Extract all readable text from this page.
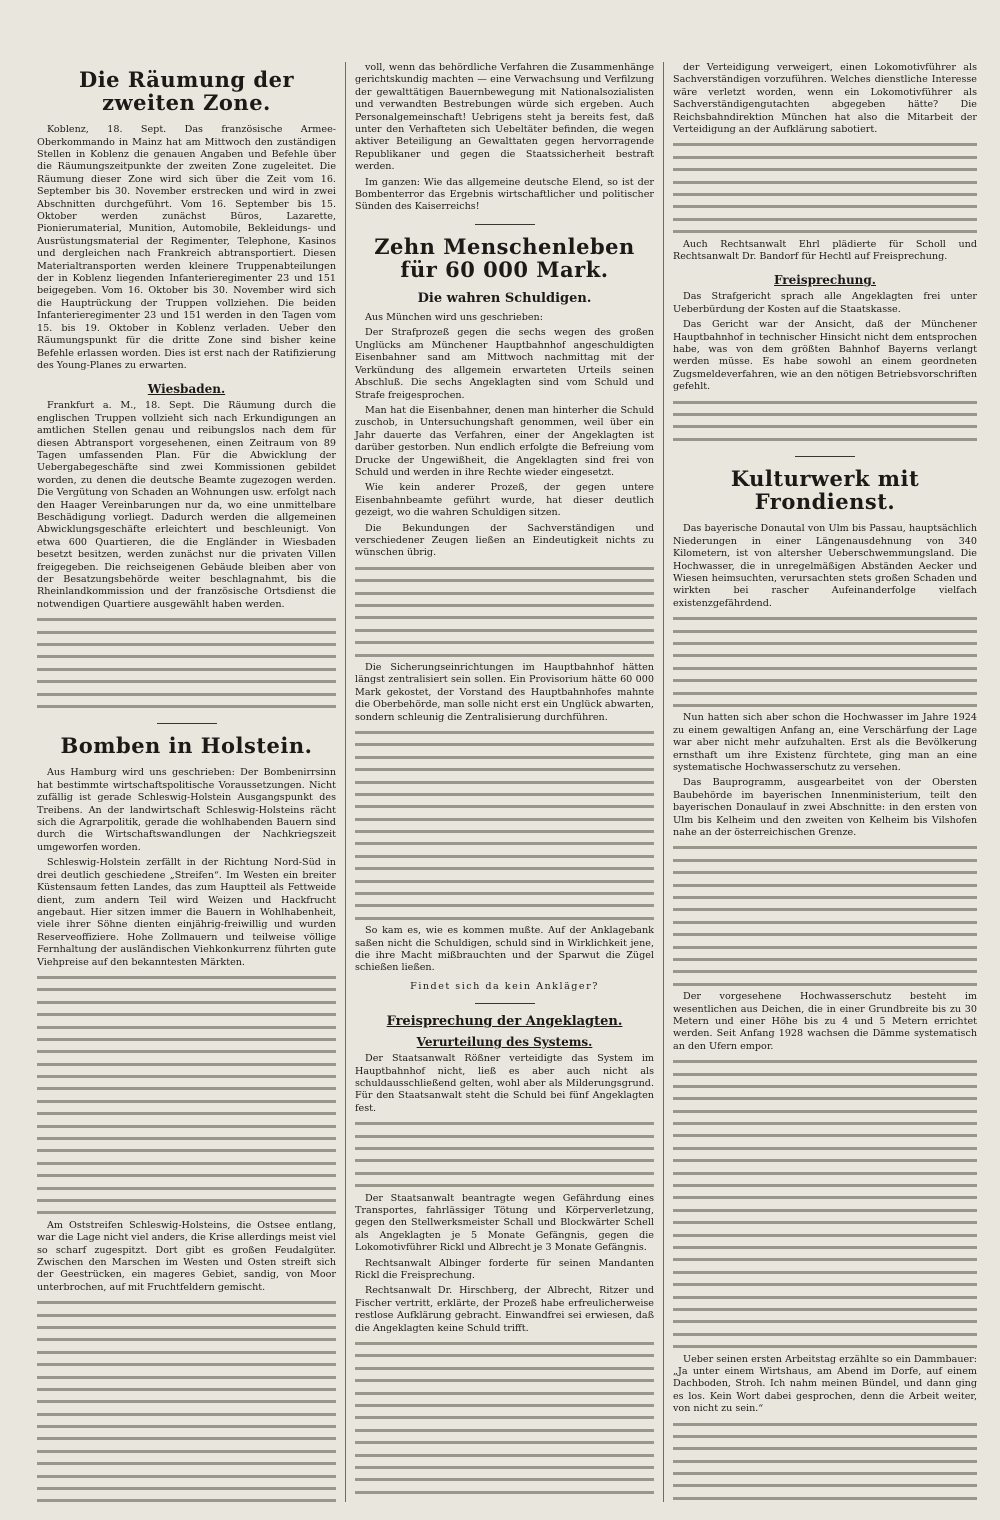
Die Räumung der zweiten Zone.

Koblenz, 18. Sept. Das französische Armee-Oberkommando in Mainz hat am Mittwoch den zuständigen Stellen in Koblenz die genauen Angaben und Befehle über die Räumungszeitpunkte der zweiten Zone zugeleitet. Die Räumung dieser Zone wird sich über die Zeit vom 16. September bis 30. November erstrecken und wird in zwei Abschnitten durchgeführt. Vom 16. September bis 15. Oktober werden zunächst Büros, Lazarette, Pionierumaterial, Munition, Automobile, Bekleidungs- und Ausrüstungsmaterial der Regimenter, Telephone, Kasinos und dergleichen nach Frankreich abtransportiert. Diesen Materialtransporten werden kleinere Truppenabteilungen der in Koblenz liegenden Infanterieregimenter 23 und 151 beigegeben. Vom 16. Oktober bis 30. November wird sich die Hauptrückung der Truppen vollziehen. Die beiden Infanterieregimenter 23 und 151 werden in den Tagen vom 15. bis 19. Oktober in Koblenz verladen. Ueber den Räumungspunkt für die dritte Zone sind bisher keine Befehle erlassen worden. Dies ist erst nach der Ratifizierung des Young-Planes zu erwarten.

Wiesbaden.

Frankfurt a. M., 18. Sept. Die Räumung durch die englischen Truppen vollzieht sich nach Erkundigungen an amtlichen Stellen genau und reibungslos nach dem für diesen Abtransport vorgesehenen, einen Zeitraum von 89 Tagen umfassenden Plan. Für die Abwicklung der Uebergabegeschäfte sind zwei Kommissionen gebildet worden, zu denen die deutsche Beamte zugezogen werden. Die Vergütung von Schaden an Wohnungen usw. erfolgt nach den Haager Vereinbarungen nur da, wo eine unmittelbare Beschädigung vorliegt. Dadurch werden die allgemeinen Abwicklungsgeschäfte erleichtert und beschleunigt. Von etwa 600 Quartieren, die die Engländer in Wiesbaden besetzt besitzen, werden zunächst nur die privaten Villen freigegeben. Die reichseigenen Gebäude bleiben aber von der Besatzungsbehörde weiter beschlagnahmt, bis die Rheinlandkommission und der französische Ortsdienst die notwendigen Quartiere ausgewählt haben werden.

Bomben in Holstein.

Aus Hamburg wird uns geschrieben: Der Bombenirrsinn hat bestimmte wirtschaftspolitische Voraussetzungen. Nicht zufällig ist gerade Schleswig-Holstein Ausgangspunkt des Treibens. An der landwirtschaft Schleswig-Holsteins rächt sich die Agrarpolitik, gerade die wohlhabenden Bauern sind durch die Wirtschaftswandlungen der Nachkriegszeit umgeworfen worden.

Schleswig-Holstein zerfällt in der Richtung Nord-Süd in drei deutlich geschiedene „Streifen“. Im Westen ein breiter Küstensaum fetten Landes, das zum Hauptteil als Fettweide dient, zum andern Teil wird Weizen und Hackfrucht angebaut. Hier sitzen immer die Bauern in Wohlhabenheit, viele ihrer Söhne dienten einjährig-freiwillig und wurden Reserveoffiziere. Hohe Zollmauern und teilweise völlige Fernhaltung der ausländischen Viehkonkurrenz führten gute Viehpreise auf den bekanntesten Märkten.

Am Oststreifen Schleswig-Holsteins, die Ostsee entlang, war die Lage nicht viel anders, die Krise allerdings meist viel so scharf zugespitzt. Dort gibt es großen Feudalgüter. Zwischen den Marschen im Westen und Osten streift sich der Geestrücken, ein mageres Gebiet, sandig, von Moor unterbrochen, auf mit Fruchtfeldern gemischt.

voll, wenn das behördliche Verfahren die Zusammenhänge gerichtskundig machten — eine Verwachsung und Verfilzung der gewalttätigen Bauernbewegung mit Nationalsozialisten und verwandten Bestrebungen würde sich ergeben. Auch Personalgemeinschaft! Uebrigens steht ja bereits fest, daß unter den Verhafteten sich Uebeltäter befinden, die wegen aktiver Beteiligung an Gewalttaten gegen hervorragende Republikaner und gegen die Staatssicherheit bestraft werden.

Im ganzen: Wie das allgemeine deutsche Elend, so ist der Bombenterror das Ergebnis wirtschaftlicher und politischer Sünden des Kaiserreichs!

Zehn Menschenleben für 60 000 Mark.
Die wahren Schuldigen.

Aus München wird uns geschrieben:

Der Strafprozeß gegen die sechs wegen des großen Unglücks am Münchener Hauptbahnhof angeschuldigten Eisenbahner sand am Mittwoch nachmittag mit der Verkündung des allgemein erwarteten Urteils seinen Abschluß. Die sechs Angeklagten sind vom Schuld und Strafe freigesprochen.

Man hat die Eisenbahner, denen man hinterher die Schuld zuschob, in Untersuchungshaft genommen, weil über ein Jahr dauerte das Verfahren, einer der Angeklagten ist darüber gestorben. Nun endlich erfolgte die Befreiung vom Drucke der Ungewißheit, die Angeklagten sind frei von Schuld und werden in ihre Rechte wieder eingesetzt.

Wie kein anderer Prozeß, der gegen untere Eisenbahnbeamte geführt wurde, hat dieser deutlich gezeigt, wo die wahren Schuldigen sitzen.

Die Bekundungen der Sachverständigen und verschiedener Zeugen ließen an Eindeutigkeit nichts zu wünschen übrig.

Die Sicherungseinrichtungen im Hauptbahnhof hätten längst zentralisiert sein sollen. Ein Provisorium hätte 60 000 Mark gekostet, der Vorstand des Hauptbahnhofes mahnte die Oberbehörde, man solle nicht erst ein Unglück abwarten, sondern schleunig die Zentralisierung durchführen.

So kam es, wie es kommen mußte. Auf der Anklagebank saßen nicht die Schuldigen, schuld sind in Wirklichkeit jene, die ihre Macht mißbrauchten und der Sparwut die Zügel schießen ließen.

Findet sich da kein Ankläger?

Freisprechung der Angeklagten.
Verurteilung des Systems.

Der Staatsanwalt Rößner verteidigte das System im Hauptbahnhof nicht, ließ es aber auch nicht als schuldausschließend gelten, wohl aber als Milderungsgrund. Für den Staatsanwalt steht die Schuld bei fünf Angeklagten fest.

Der Staatsanwalt beantragte wegen Gefährdung eines Transportes, fahrlässiger Tötung und Körperverletzung, gegen den Stellwerksmeister Schall und Blockwärter Schell als Angeklagten je 5 Monate Gefängnis, gegen die Lokomotivführer Rickl und Albrecht je 3 Monate Gefängnis.

Rechtsanwalt Albinger forderte für seinen Mandanten Rickl die Freisprechung.

Rechtsanwalt Dr. Hirschberg, der Albrecht, Ritzer und Fischer vertritt, erklärte, der Prozeß habe erfreulicherweise restlose Aufklärung gebracht. Einwandfrei sei erwiesen, daß die Angeklagten keine Schuld trifft.

der Verteidigung verweigert, einen Lokomotivführer als Sachverständigen vorzuführen. Welches dienstliche Interesse wäre verletzt worden, wenn ein Lokomotivführer als Sachverständigengutachten abgegeben hätte? Die Reichsbahndirektion München hat also die Mitarbeit der Verteidigung an der Aufklärung sabotiert.

Auch Rechtsanwalt Ehrl plädierte für Scholl und Rechtsanwalt Dr. Bandorf für Hechtl auf Freisprechung.

Freisprechung.

Das Strafgericht sprach alle Angeklagten frei unter Ueberbürdung der Kosten auf die Staatskasse.

Das Gericht war der Ansicht, daß der Münchener Hauptbahnhof in technischer Hinsicht nicht dem entsprochen habe, was von dem größten Bahnhof Bayerns verlangt werden müsse. Es habe sowohl an einem geordneten Zugsmeldeverfahren, wie an den nötigen Betriebsvorschriften gefehlt.

Kulturwerk mit Frondienst.

Das bayerische Donautal von Ulm bis Passau, hauptsächlich Niederungen in einer Längenausdehnung von 340 Kilometern, ist von altersher Ueberschwemmungsland. Die Hochwasser, die in unregelmäßigen Abständen Aecker und Wiesen heimsuchten, verursachten stets großen Schaden und wirkten bei rascher Aufeinanderfolge vielfach existenzgefährdend.

Nun hatten sich aber schon die Hochwasser im Jahre 1924 zu einem gewaltigen Anfang an, eine Verschärfung der Lage war aber nicht mehr aufzuhalten. Erst als die Bevölkerung ernsthaft um ihre Existenz fürchtete, ging man an eine systematische Hochwasserschutz zu versehen.

Das Bauprogramm, ausgearbeitet von der Obersten Baubehörde im bayerischen Innenministerium, teilt den bayerischen Donaulauf in zwei Abschnitte: in den ersten von Ulm bis Kelheim und den zweiten von Kelheim bis Vilshofen nahe an der österreichischen Grenze.

Der vorgesehene Hochwasserschutz besteht im wesentlichen aus Deichen, die in einer Grundbreite bis zu 30 Metern und einer Höhe bis zu 4 und 5 Metern errichtet werden. Seit Anfang 1928 wachsen die Dämme systematisch an den Ufern empor.

Ueber seinen ersten Arbeitstag erzählte so ein Dammbauer: „Ja unter einem Wirtshaus, am Abend im Dorfe, auf einem Dachboden, Stroh. Ich nahm meinen Bündel, und dann ging es los. Kein Wort dabei gesprochen, denn die Arbeit weiter, von nicht zu sein.“
